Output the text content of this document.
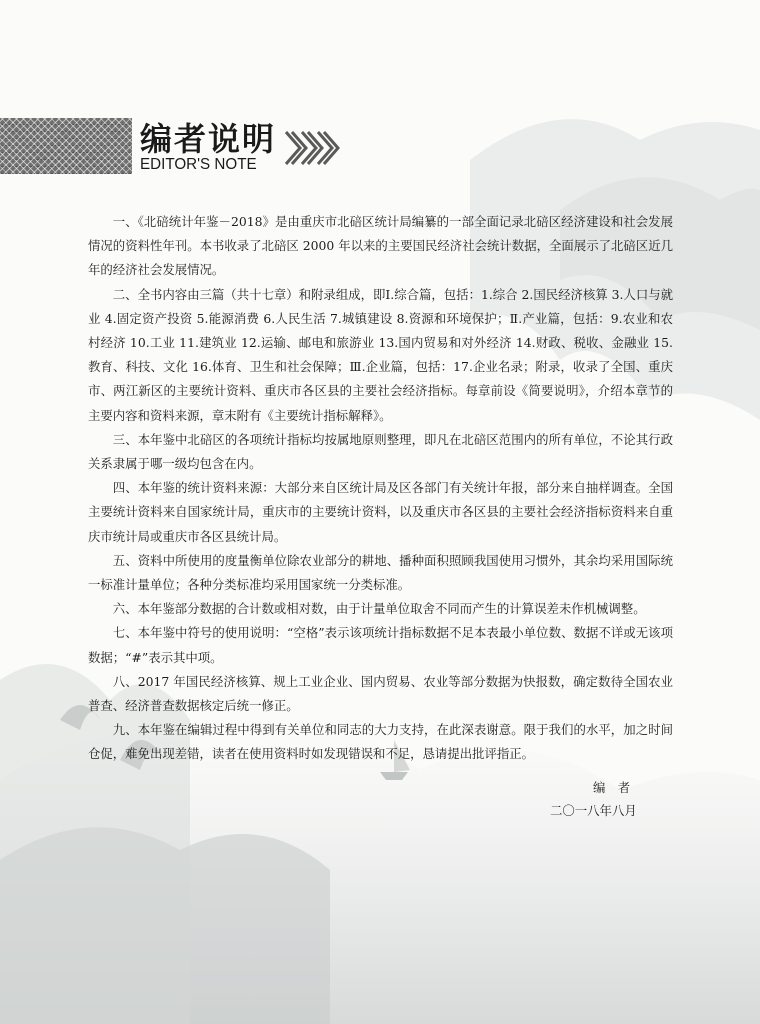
编者说明
EDITOR'S NOTE

一、《北碚统计年鉴－2018》是由重庆市北碚区统计局编纂的一部全面记录北碚区经济建设和社会发展情况的资料性年刊。本书收录了北碚区 2000 年以来的主要国民经济社会统计数据，全面展示了北碚区近几年的经济社会发展情况。

二、全书内容由三篇（共十七章）和附录组成，即Ⅰ.综合篇，包括：1.综合 2.国民经济核算 3.人口与就业 4.固定资产投资 5.能源消费 6.人民生活 7.城镇建设 8.资源和环境保护；Ⅱ.产业篇，包括：9.农业和农村经济 10.工业 11.建筑业 12.运输、邮电和旅游业 13.国内贸易和对外经济 14.财政、税收、金融业 15.教育、科技、文化 16.体育、卫生和社会保障；Ⅲ.企业篇，包括：17.企业名录；附录，收录了全国、重庆市、两江新区的主要统计资料、重庆市各区县的主要社会经济指标。每章前设《简要说明》，介绍本章节的主要内容和资料来源，章末附有《主要统计指标解释》。

三、本年鉴中北碚区的各项统计指标均按属地原则整理，即凡在北碚区范围内的所有单位，不论其行政关系隶属于哪一级均包含在内。

四、本年鉴的统计资料来源：大部分来自区统计局及区各部门有关统计年报，部分来自抽样调查。全国主要统计资料来自国家统计局，重庆市的主要统计资料，以及重庆市各区县的主要社会经济指标资料来自重庆市统计局或重庆市各区县统计局。

五、资料中所使用的度量衡单位除农业部分的耕地、播种面积照顾我国使用习惯外，其余均采用国际统一标准计量单位；各种分类标准均采用国家统一分类标准。

六、本年鉴部分数据的合计数或相对数，由于计量单位取舍不同而产生的计算误差未作机械调整。

七、本年鉴中符号的使用说明：“空格”表示该项统计指标数据不足本表最小单位数、数据不详或无该项数据；“#”表示其中项。

八、2017 年国民经济核算、规上工业企业、国内贸易、农业等部分数据为快报数，确定数待全国农业普查、经济普查数据核定后统一修正。

九、本年鉴在编辑过程中得到有关单位和同志的大力支持，在此深表谢意。限于我们的水平，加之时间仓促，难免出现差错，读者在使用资料时如发现错误和不足，恳请提出批评指正。

编　者
二〇一八年八月
